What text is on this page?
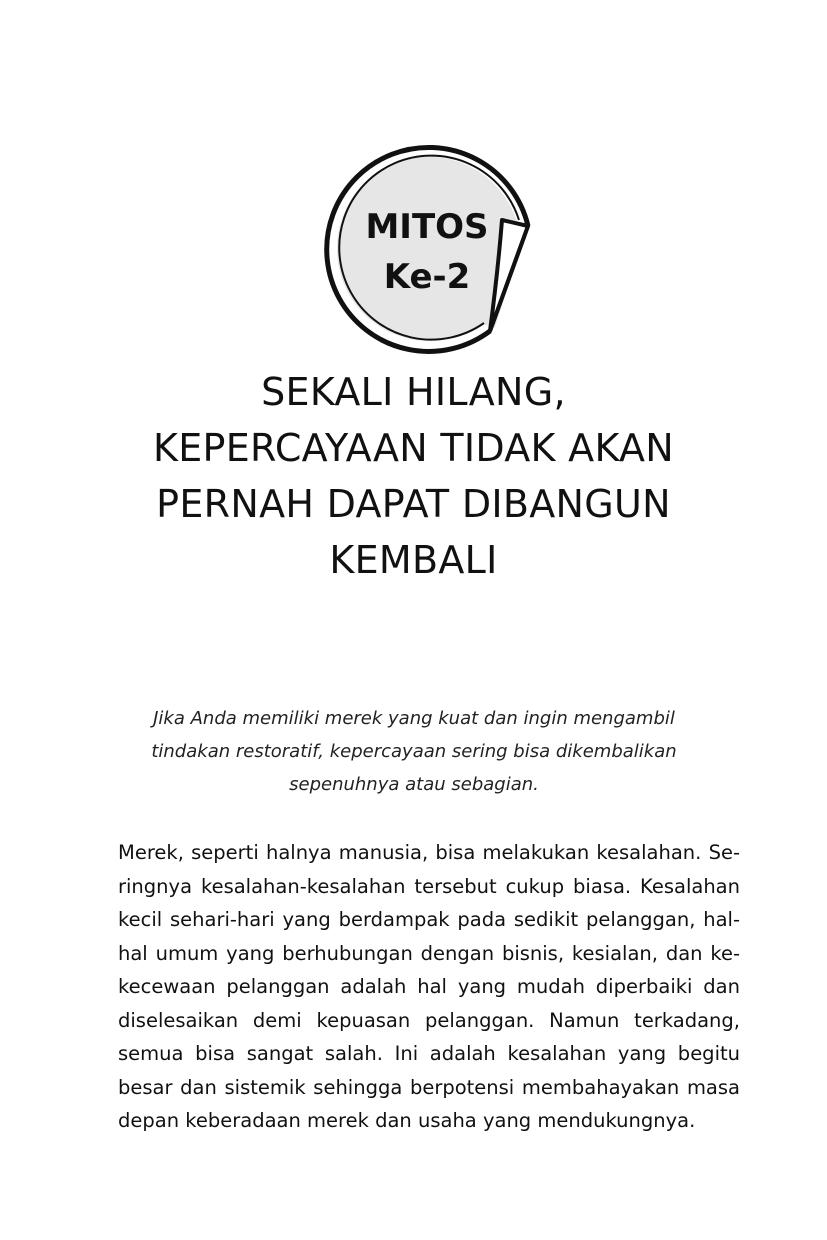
MITOS
Ke-2
SEKALI HILANG,
KEPERCAYAAN TIDAK AKAN
PERNAH DAPAT DIBANGUN
KEMBALI
Jika Anda memiliki merek yang kuat dan ingin mengambil
tindakan restoratif, kepercayaan sering bisa dikembalikan
sepenuhnya atau sebagian.
Merek, seperti halnya manusia, bisa melakukan kesalahan. Se-
ringnya kesalahan-kesalahan tersebut cukup biasa. Kesalahan
kecil sehari-hari yang berdampak pada sedikit pelanggan, hal-
hal umum yang berhubungan dengan bisnis, kesialan, dan ke-
kecewaan pelanggan adalah hal yang mudah diperbaiki dan
diselesaikan demi kepuasan pelanggan. Namun terkadang,
semua bisa sangat salah. Ini adalah kesalahan yang begitu
besar dan sistemik sehingga berpotensi membahayakan masa
depan keberadaan merek dan usaha yang mendukungnya.
